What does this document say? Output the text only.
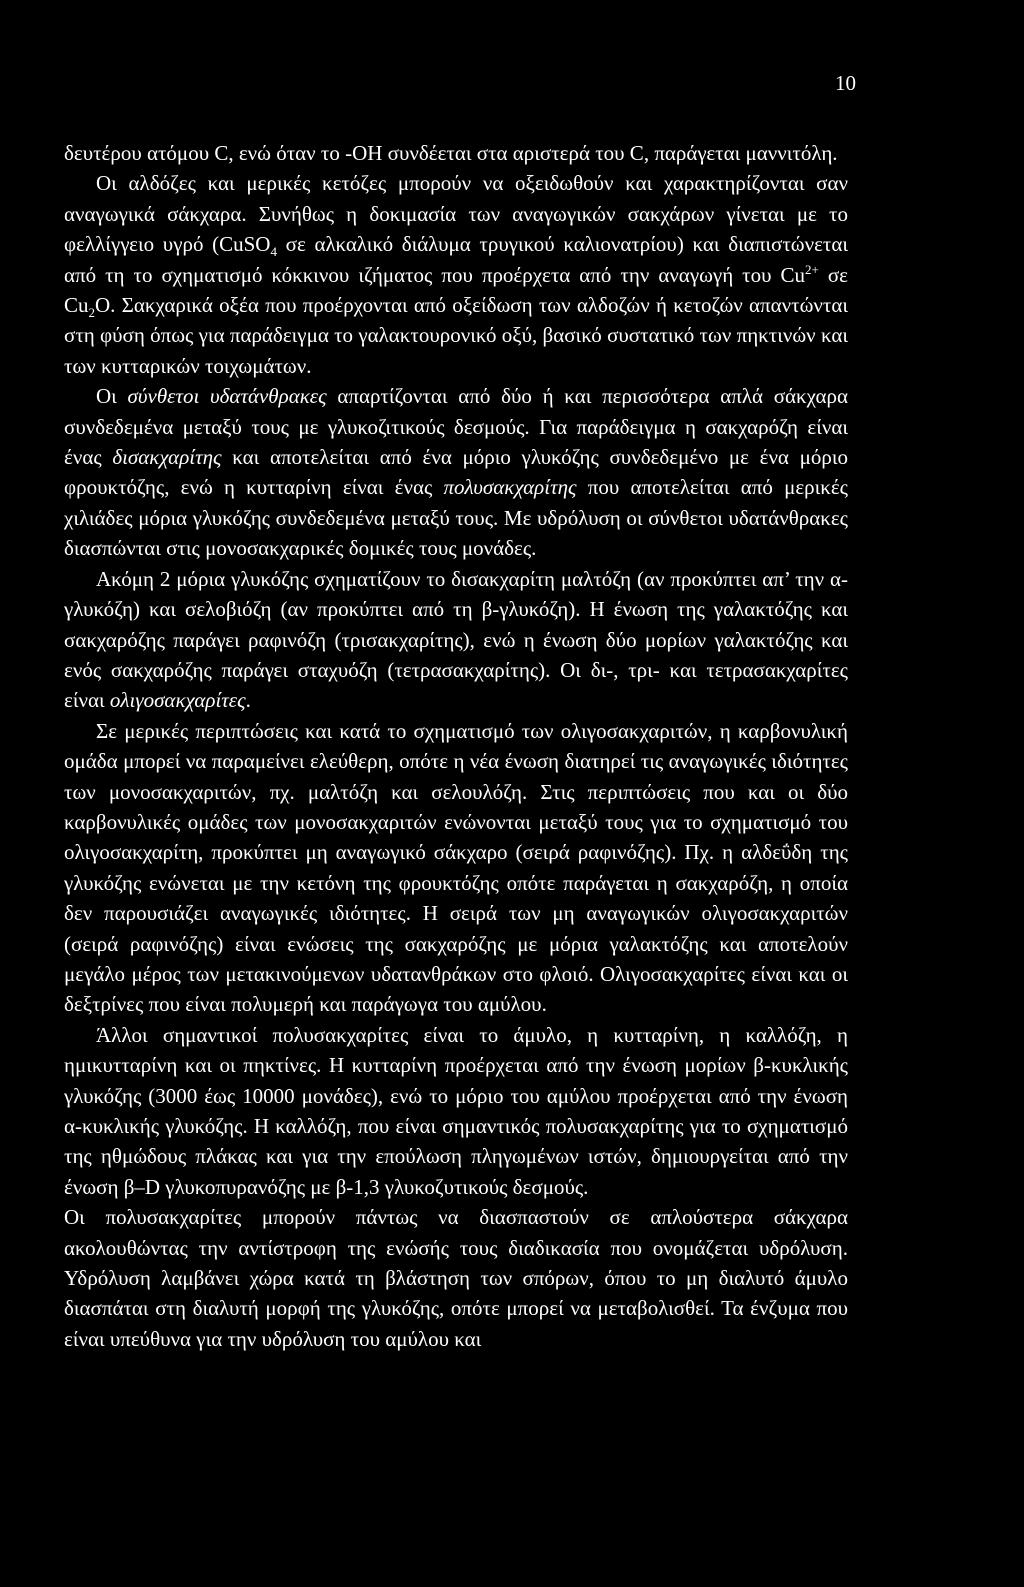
10

δευτέρου ατόμου C, ενώ όταν το -OH συνδέεται στα αριστερά του C, παράγεται μαννιτόλη.

Οι αλδόζες και μερικές κετόζες μπορούν να οξειδωθούν και χαρακτηρίζονται σαν αναγωγικά σάκχαρα. Συνήθως η δοκιμασία των αναγωγικών σακχάρων γίνεται με το φελλίγγειο υγρό (CuSO$_4$ σε αλκαλικό διάλυμα τρυγικού καλιονατρίου) και διαπιστώνεται από τη το σχηματισμό κόκκινου ιζήματος που προέρχετα από την αναγωγή του $Cu^{2+}$ σε $Cu_2O$. Σακχαρικά οξέα που προέρχονται από οξείδωση των αλδοζών ή κετοζών απαντώνται στη φύση όπως για παράδειγμα το γαλακτουρονικό οξύ, βασικό συστατικό των πηκτινών και των κυτταρικών τοιχωμάτων.

Οι σύνθετοι υδατάνθρακες απαρτίζονται από δύο ή και περισσότερα απλά σάκχαρα συνδεδεμένα μεταξύ τους με γλυκοζιτικούς δεσμούς. Για παράδειγμα η σακχαρόζη είναι ένας δισακχαρίτης και αποτελείται από ένα μόριο γλυκόζης συνδεδεμένο με ένα μόριο φρουκτόζης, ενώ η κυτταρίνη είναι ένας πολυσακχαρίτης που αποτελείται από μερικές χιλιάδες μόρια γλυκόζης συνδεδεμένα μεταξύ τους. Με υδρόλυση οι σύνθετοι υδατάνθρακες διασπώνται στις μονοσακχαρικές δομικές τους μονάδες.

Ακόμη 2 μόρια γλυκόζης σχηματίζουν το δισακχαρίτη μαλτόζη (αν προκύπτει απ’ την α-γλυκόζη) και σελοβιόζη (αν προκύπτει από τη β-γλυκόζη). Η ένωση της γαλακτόζης και σακχαρόζης παράγει ραφινόζη (τρισακχαρίτης), ενώ η ένωση δύο μορίων γαλακτόζης και ενός σακχαρόζης παράγει σταχυόζη (τετρασακχαρίτης). Οι δι-, τρι- και τετρασακχαρίτες είναι ολιγοσακχαρίτες.

Σε μερικές περιπτώσεις και κατά το σχηματισμό των ολιγοσακχαριτών, η καρβονυλική ομάδα μπορεί να παραμείνει ελεύθερη, οπότε η νέα ένωση διατηρεί τις αναγωγικές ιδιότητες των μονοσακχαριτών, πχ. μαλτόζη και σελουλόζη. Στις περιπτώσεις που και οι δύο καρβονυλικές ομάδες των μονοσακχαριτών ενώνονται μεταξύ τους για το σχηματισμό του ολιγοσακχαρίτη, προκύπτει μη αναγωγικό σάκχαρο (σειρά ραφινόζης). Πχ. η αλδεΰδη της γλυκόζης ενώνεται με την κετόνη της φρουκτόζης οπότε παράγεται η σακχαρόζη, η οποία δεν παρουσιάζει αναγωγικές ιδιότητες. Η σειρά των μη αναγωγικών ολιγοσακχαριτών (σειρά ραφινόζης) είναι ενώσεις της σακχαρόζης με μόρια γαλακτόζης και αποτελούν μεγάλο μέρος των μετακινούμενων υδατανθράκων στο φλοιό. Ολιγοσακχαρίτες είναι και οι δεξτρίνες που είναι πολυμερή και παράγωγα του αμύλου.

Άλλοι σημαντικοί πολυσακχαρίτες είναι το άμυλο, η κυτταρίνη, η καλλόζη, η ημικυτταρίνη και οι πηκτίνες. Η κυτταρίνη προέρχεται από την ένωση μορίων β-κυκλικής γλυκόζης (3000 έως 10000 μονάδες), ενώ το μόριο του αμύλου προέρχεται από την ένωση α-κυκλικής γλυκόζης. Η καλλόζη, που είναι σημαντικός πολυσακχαρίτης για το σχηματισμό της ηθμώδους πλάκας και για την επούλωση πληγωμένων ιστών, δημιουργείται από την ένωση β–D γλυκοπυρανόζης με β-1,3 γλυκοζυτικούς δεσμούς.

Οι πολυσακχαρίτες μπορούν πάντως να διασπαστούν σε απλούστερα σάκχαρα ακολουθώντας την αντίστροφη της ενώσής τους διαδικασία που ονομάζεται υδρόλυση. Υδρόλυση λαμβάνει χώρα κατά τη βλάστηση των σπόρων, όπου το μη διαλυτό άμυλο διασπάται στη διαλυτή μορφή της γλυκόζης, οπότε μπορεί να μεταβολισθεί. Τα ένζυμα που είναι υπεύθυνα για την υδρόλυση του αμύλου και
